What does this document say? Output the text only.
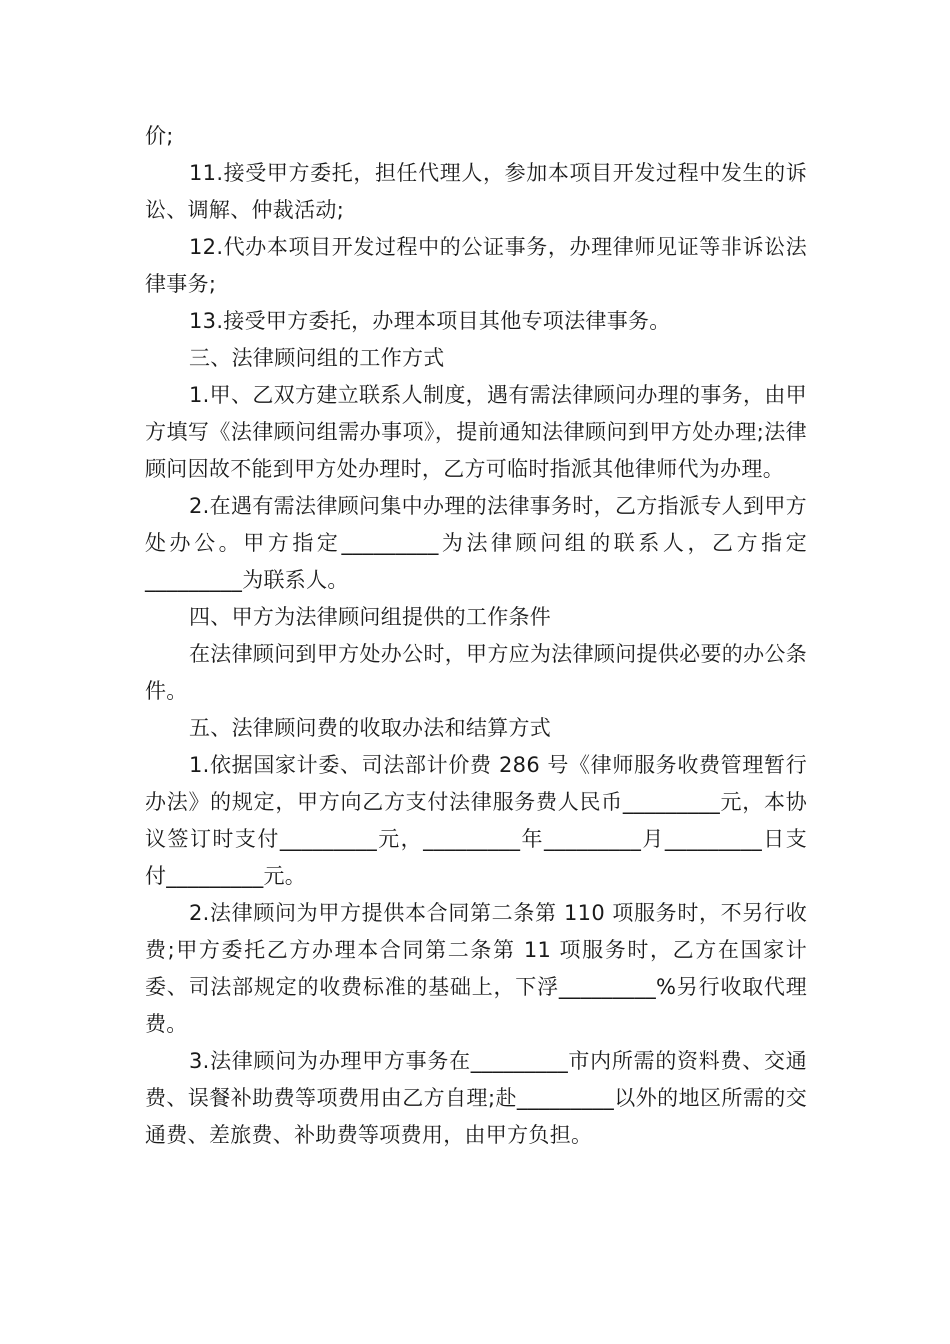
价;

11.接受甲方委托，担任代理人，参加本项目开发过程中发生的诉讼、调解、仲裁活动;

12.代办本项目开发过程中的公证事务，办理律师见证等非诉讼法律事务;

13.接受甲方委托，办理本项目其他专项法律事务。

三、法律顾问组的工作方式

1.甲、乙双方建立联系人制度，遇有需法律顾问办理的事务，由甲方填写《法律顾问组需办事项》，提前通知法律顾问到甲方处办理;法律顾问因故不能到甲方处办理时，乙方可临时指派其他律师代为办理。

2.在遇有需法律顾问集中办理的法律事务时，乙方指派专人到甲方处办公。甲方指定_________为法律顾问组的联系人，乙方指定_________为联系人。

四、甲方为法律顾问组提供的工作条件

在法律顾问到甲方处办公时，甲方应为法律顾问提供必要的办公条件。

五、法律顾问费的收取办法和结算方式

1.依据国家计委、司法部计价费 286 号《律师服务收费管理暂行办法》的规定，甲方向乙方支付法律服务费人民币_________元，本协议签订时支付_________元，_________年_________月_________日支付_________元。

2.法律顾问为甲方提供本合同第二条第 110 项服务时，不另行收费;甲方委托乙方办理本合同第二条第 11 项服务时，乙方在国家计委、司法部规定的收费标准的基础上，下浮_________%另行收取代理费。

3.法律顾问为办理甲方事务在_________市内所需的资料费、交通费、误餐补助费等项费用由乙方自理;赴_________以外的地区所需的交通费、差旅费、补助费等项费用，由甲方负担。
